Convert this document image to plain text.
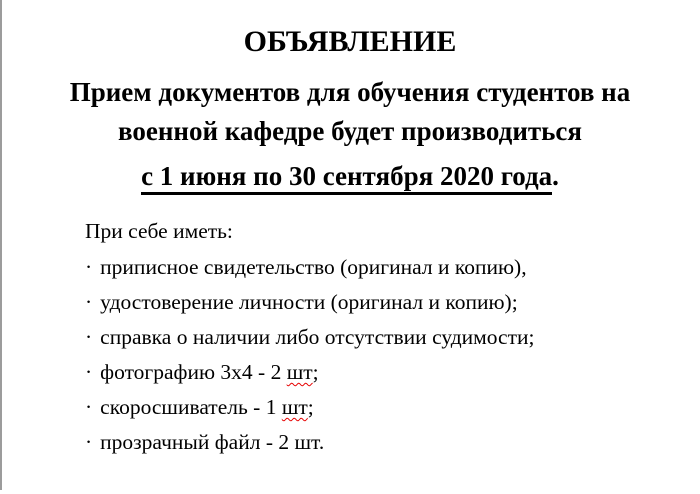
ОБЪЯВЛЕНИЕ
Прием документов для обучения студентов на
военной кафедре будет производиться
с 1 июня по 30 сентября 2020 года.
При себе иметь:
· приписное свидетельство (оригинал и копию),
· удостоверение личности (оригинал и копию);
· справка о наличии либо отсутствии судимости;
· фотографию 3х4 - 2 шт;
· скоросшиватель - 1 шт;
· прозрачный файл - 2 шт.
